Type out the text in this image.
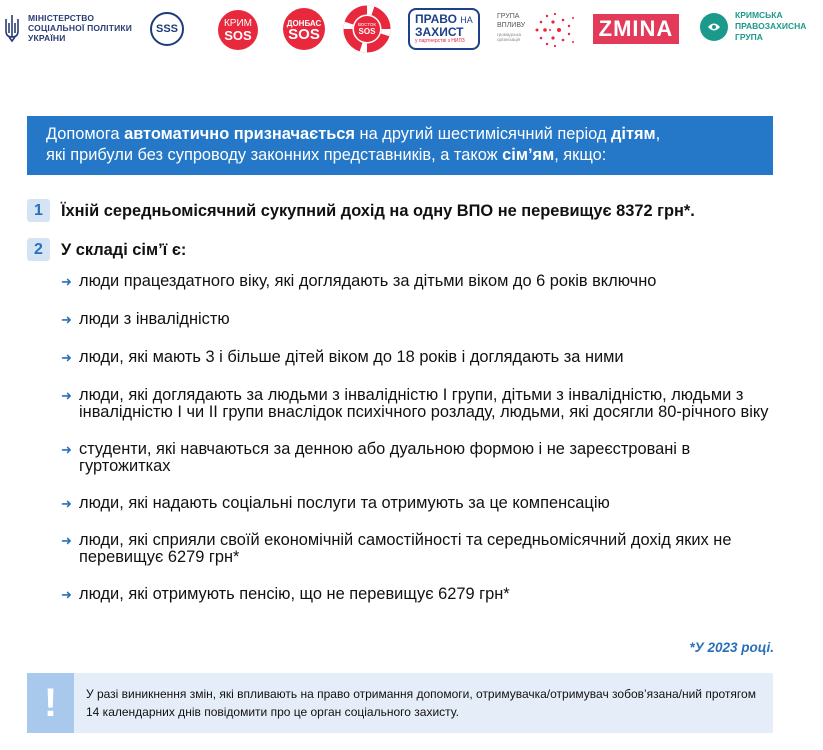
МІНІСТЕРСТВО
СОЦІАЛЬНОЇ ПОЛІТИКИ
УКРАЇНИ
SSS	КРИМ
SOS
ДОНБАС
SOS
ВОСТОК
SOS
ПРАВО НА
ЗАХИСТ
у партнерстві з НИЛЗ
ГРУПА
ВПЛИВУ
громадська організація	ZMINA
КРИМСЬКА
ПРАВОЗАХИСНА
ГРУПА
Допомога автоматично призначається на другий шестимісячний період дітям,
які прибули без супроводу законних представників, а також сім’ям, якщо:
1	Їхній середньомісячний сукупний дохід на одну ВПО не перевищує 8372 грн*.
2	У складі сім’ї є:
➜ люди працездатного віку, які доглядають за дітьми віком до 6 років включно
➜ люди з інвалідністю
➜ люди, які мають 3 і більше дітей віком до 18 років і доглядають за ними
➜ люди, які доглядають за людьми з інвалідністю І групи, дітьми з інвалідністю, людьми з інвалідністю І чи ІІ групи внаслідок психічного розладу, людьми, які досягли 80-річного віку
➜ студенти, які навчаються за денною або дуальною формою і не зареєстровані в гуртожитках
➜ люди, які надають соціальні послуги та отримують за це компенсацію
➜ люди, які сприяли своїй економічній самостійності та середньомісячний дохід яких не перевищує 6279 грн*
➜ люди, які отримують пенсію, що не перевищує 6279 грн*
*У 2023 році.
!	У разі виникнення змін, які впливають на право отримання допомоги, отримувачка/отримувач зобов’язана/ний протягом 14 календарних днів повідомити про це орган соціального захисту.
